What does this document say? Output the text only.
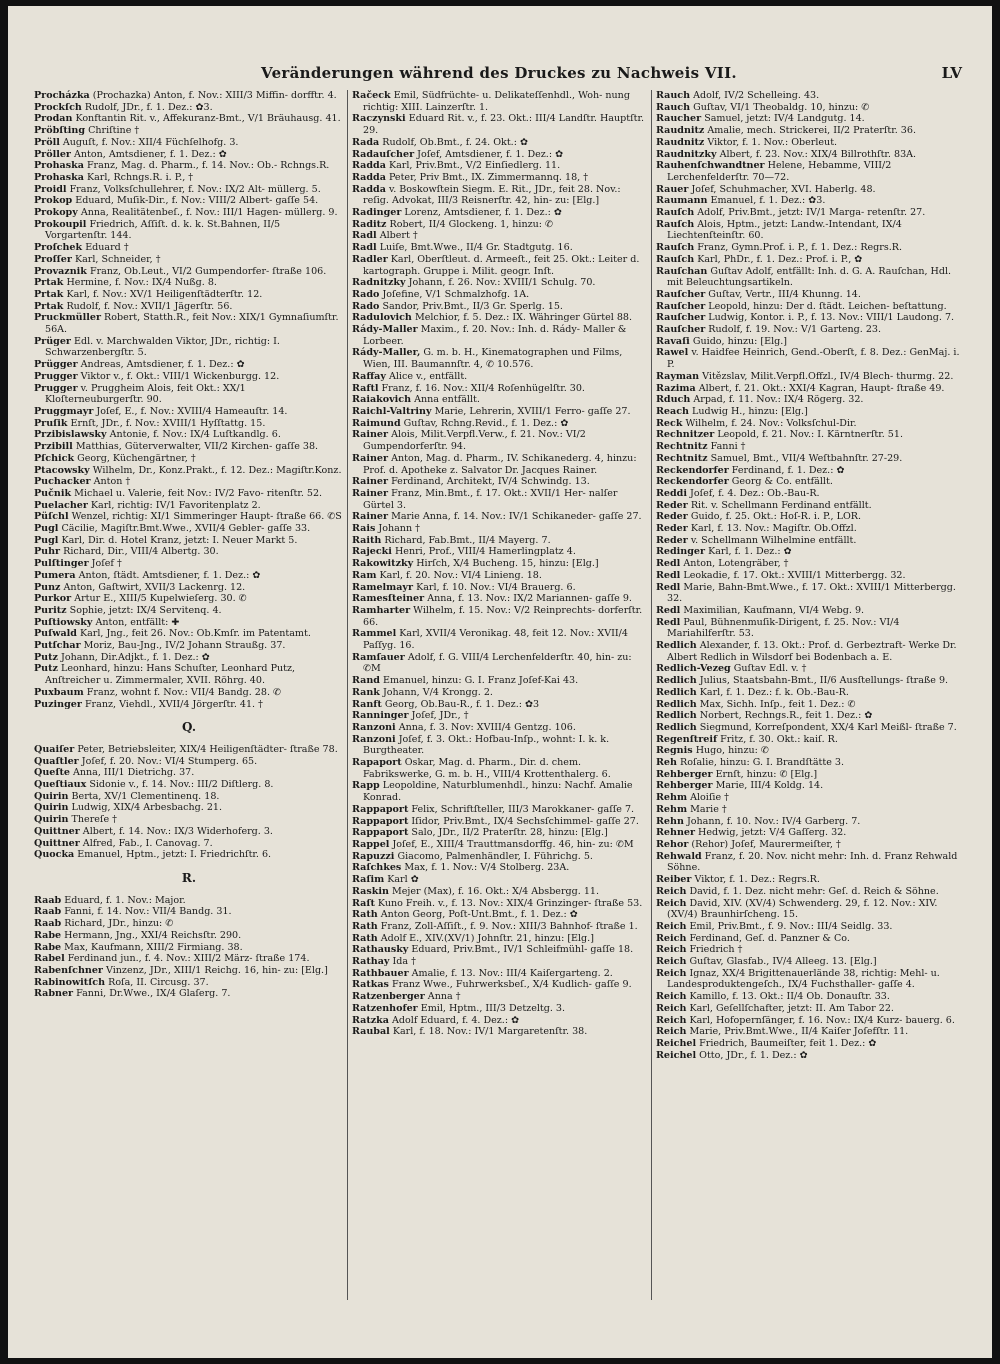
Veränderungen während des Druckes zu Nachweis VII.	LV

Procházka (Prochazka) Anton, f. Nov.: XIII/3 Miffin- dorfftr. 4.

Prockſch Rudolf, JDr., f. 1. Dez.: ✿3.

Prodan Konftantin Rit. v., Affekuranz-Bmt., V/1 Bräuhausg. 41.

Pröbſting Chriſtine †

Pröll Auguſt, f. Nov.: XII/4 Füchſelhofg. 3.

Pröller Anton, Amtsdiener, f. 1. Dez.: ✿

Prohaska Franz, Mag. d. Pharm., f. 14. Nov.: Ob.- Rchngs.R.

Prohaska Karl, Rchngs.R. i. P., †

Proidl Franz, Volksſchullehrer, f. Nov.: IX/2 Alt- müllerg. 5.

Prokop Eduard, Muſik-Dir., f. Nov.: VIII/2 Albert- gaſſe 54.

Prokopy Anna, Realitätenbeſ., f. Nov.: III/1 Hagen- müllerg. 9.

Prokoupil Friedrich, Aſſiſt. d. k. k. St.Bahnen, II/5 Vorgartenſtr. 144.

Proſchek Eduard †

Proſſer Karl, Schneider, †

Provaznik Franz, Ob.Leut., VI/2 Gumpendorfer- ſtraße 106.

Prtak Hermine, f. Nov.: IX/4 Nußg. 8.

Prtak Karl, f. Nov.: XV/1 Heiligenſtädterſtr. 12.

Prtak Rudolf, f. Nov.: XVII/1 Jägerſtr. 56.

Pruckmüller Robert, Statth.R., feit Nov.: XIX/1 Gymnaſiumſtr. 56A.

Prüger Edl. v. Marchwalden Viktor, JDr., richtig: I. Schwarzenbergſtr. 5.

Prügger Andreas, Amtsdiener, f. 1. Dez.: ✿

Prugger Viktor v., f. Okt.: VIII/1 Wickenburgg. 12.

Prugger v. Pruggheim Alois, feit Okt.: XX/1 Kloſterneuburgerſtr. 90.

Pruggmayr Joſef, E., f. Nov.: XVIII/4 Hameauſtr. 14.

Pruſik Ernſt, JDr., f. Nov.: XVIII/1 Hyſſtattg. 15.

Przibislawsky Antonie, f. Nov.: IX/4 Luſtkandlg. 6.

Przibill Matthias, Güterverwalter, VII/2 Kirchen- gaſſe 38.

Pſchick Georg, Küchengärtner, †

Ptacowsky Wilhelm, Dr., Konz.Prakt., f. 12. Dez.: Magiſtr.Konz.

Puchacker Anton †

Pučnik Michael u. Valerie, feit Nov.: IV/2 Favo- ritenſtr. 52.

Puelacher Karl, richtig: IV/1 Favoritenplatz 2.

Püſchl Wenzel, richtig: XI/1 Simmeringer Haupt- ſtraße 66. ✆S

Pugl Cäcilie, Magiſtr.Bmt.Wwe., XVII/4 Gebler- gaſſe 33.

Pugl Karl, Dir. d. Hotel Kranz, jetzt: I. Neuer Markt 5.

Puhr Richard, Dir., VIII/4 Albertg. 30.

Pulſtinger Joſef †

Pumera Anton, ſtädt. Amtsdiener, f. 1. Dez.: ✿

Punz Anton, Gaſtwirt, XVII/3 Lackenrg. 12.

Purkor Artur E., XIII/5 Kupelwieſerg. 30. ✆

Puritz Sophie, jetzt: IX/4 Servitenq. 4.

Puſtiowsky Anton, entfällt: ✚

Puſwald Karl, Jng., feit 26. Nov.: Ob.Kmſr. im Patentamt.

Putſchar Moriz, Bau-Jng., IV/2 Johann Straußg. 37.

Putz Johann, Dir.Adjkt., f. 1. Dez.: ✿

Putz Leonhard, hinzu: Hans Schuſter, Leonhard Putz, Anſtreicher u. Zimmermaler, XVII. Röhrg. 40.

Puxbaum Franz, wohnt f. Nov.: VII/4 Bandg. 28. ✆

Puzinger Franz, Viehdl., XVII/4 Jörgerſtr. 41. †

Q.

Quaiſer Peter, Betriebsleiter, XIX/4 Heiligenſtädter- ſtraße 78.

Quaſtler Joſef, f. 20. Nov.: VI/4 Stumperg. 65.

Queſte Anna, III/1 Dietrichg. 37.

Queſtiaux Sidonie v., f. 14. Nov.: III/2 Diſtlerg. 8.

Quirin Berta, XV/1 Clementinenq. 18.

Quirin Ludwig, XIX/4 Arbesbachg. 21.

Quirin Thereſe †

Quittner Albert, f. 14. Nov.: IX/3 Widerhoferg. 3.

Quittner Alfred, Fab., I. Canovag. 7.

Quocka Emanuel, Hptm., jetzt: I. Friedrichſtr. 6.

R.

Raab Eduard, f. 1. Nov.: Major.

Raab Fanni, f. 14. Nov.: VII/4 Bandg. 31.

Raab Richard, JDr., hinzu: ✆

Rabe Hermann, Jng., XXI/4 Reichsſtr. 290.

Rabe Max, Kaufmann, XIII/2 Firmiang. 38.

Rabel Ferdinand jun., f. 4. Nov.: XIII/2 März- ſtraße 174.

Rabenſchner Vinzenz, JDr., XIII/1 Reichg. 16, hin- zu: [Elg.]

Rabinowitſch Roſa, II. Circusg. 37.

Rabner Fanni, Dr.Wwe., IX/4 Glaſerg. 7.

Račeck Emil, Südfrüchte- u. Delikateſſenhdl., Woh- nung richtig: XIII. Lainzerſtr. 1.

Raczynski Eduard Rit. v., f. 23. Okt.: III/4 Landſtr. Hauptſtr. 29.

Rada Rudolf, Ob.Bmt., f. 24. Okt.: ✿

Radauſcher Joſef, Amtsdiener, f. 1. Dez.: ✿

Radda Karl, Priv.Bmt., V/2 Einſiedlerg. 11.

Radda Peter, Priv Bmt., IX. Zimmermannq. 18, †

Radda v. Boskowſtein Siegm. E. Rit., JDr., feit 28. Nov.: reſig. Advokat, III/3 Reisnerſtr. 42, hin- zu: [Elg.]

Radinger Lorenz, Amtsdiener, f. 1. Dez.: ✿

Raditz Robert, II/4 Glockeng. 1, hinzu: ✆

Radl Albert †

Radl Luiſe, Bmt.Wwe., II/4 Gr. Stadtgutg. 16.

Radler Karl, Oberſtleut. d. Armeeſt., feit 25. Okt.: Leiter d. kartograph. Gruppe i. Milit. geogr. Inſt.

Radnitzky Johann, f. 26. Nov.: XVIII/1 Schulg. 70.

Rado Joſefine, V/1 Schmalzhofg. 1A.

Rado Sandor, Priv.Bmt., II/3 Gr. Sperlg. 15.

Radulovich Melchior, f. 5. Dez.: IX. Währinger Gürtel 88.

Rády-Maller Maxim., f. 20. Nov.: Inh. d. Rády- Maller & Lorbeer.

Rády-Maller, G. m. b. H., Kinematographen und Films, Wien, III. Baumannſtr. 4, ✆ 10.576.

Raffay Alice v., entfällt.

Raftl Franz, f. 16. Nov.: XII/4 Roſenhügelſtr. 30.

Raiakovich Anna entfällt.

Raichl-Valtriny Marie, Lehrerin, XVIII/1 Ferro- gaſſe 27.

Raimund Guſtav, Rchng.Revid., f. 1. Dez.: ✿

Rainer Alois, Milit.Verpfl.Verw., f. 21. Nov.: VI/2 Gumpendorferſtr. 94.

Rainer Anton, Mag. d. Pharm., IV. Schikanederg. 4, hinzu: Prof. d. Apotheke z. Salvator Dr. Jacques Rainer.

Rainer Ferdinand, Architekt, IV/4 Schwindg. 13.

Rainer Franz, Min.Bmt., f. 17. Okt.: XVII/1 Her- nalſer Gürtel 3.

Rainer Marie Anna, f. 14. Nov.: IV/1 Schikaneder- gaſſe 27.

Rais Johann †

Raith Richard, Fab.Bmt., II/4 Mayerg. 7.

Rajecki Henri, Prof., VIII/4 Hamerlingplatz 4.

Rakowitzky Hirſch, X/4 Bucheng. 15, hinzu: [Elg.]

Ram Karl, f. 20. Nov.: VI/4 Linieng. 18.

Ramelmayr Karl, f. 10. Nov.: VI/4 Brauerg. 6.

Ramesſteiner Anna, f. 13. Nov.: IX/2 Mariannen- gaſſe 9.

Ramharter Wilhelm, f. 15. Nov.: V/2 Reinprechts- dorferſtr. 66.

Rammel Karl, XVII/4 Veronikag. 48, feit 12. Nov.: XVII/4 Paſſyg. 16.

Ramſauer Adolf, f. G. VIII/4 Lerchenfelderſtr. 40, hin- zu: ✆M

Rand Emanuel, hinzu: G. I. Franz Joſef-Kai 43.

Rank Johann, V/4 Krongg. 2.

Ranft Georg, Ob.Bau-R., f. 1. Dez.: ✿3

Ranninger Joſef, JDr., †

Ranzoni Anna, f. 3. Nov: XVIII/4 Gentzg. 106.

Ranzoni Joſef, f. 3. Okt.: Hofbau-Inſp., wohnt: I. k. k. Burgtheater.

Rapaport Oskar, Mag. d. Pharm., Dir. d. chem. Fabrikswerke, G. m. b. H., VIII/4 Krottenthalerg. 6.

Rapp Leopoldine, Naturblumenhdl., hinzu: Nachf. Amalie Konrad.

Rappaport Felix, Schriftſteller, III/3 Marokkaner- gaſſe 7.

Rappaport Iſidor, Priv.Bmt., IX/4 Sechsſchimmel- gaſſe 27.

Rappaport Salo, JDr., II/2 Praterſtr. 28, hinzu: [Elg.]

Rappel Joſef, E., XIII/4 Trauttmansdorffg. 46, hin- zu: ✆M

Rapuzzi Giacomo, Palmenhändler, I. Führichg. 5.

Raſchkes Max, f. 1. Nov.: V/4 Stolberg. 23A.

Raſim Karl ✿

Raskin Mejer (Max), f. 16. Okt.: X/4 Absbergg. 11.

Raſt Kuno Freih. v., f. 13. Nov.: XIX/4 Grinzinger- ſtraße 53.

Rath Anton Georg, Poſt-Unt.Bmt., f. 1. Dez.: ✿

Rath Franz, Zoll-Aſſiſt., f. 9. Nov.: XIII/3 Bahnhof- ſtraße 1.

Rath Adolf E., XIV.(XV/1) Johnſtr. 21, hinzu: [Elg.]

Rathausky Eduard, Priv.Bmt., IV/1 Schleifmühl- gaſſe 18.

Rathay Ida †

Rathbauer Amalie, f. 13. Nov.: III/4 Kaiſergarteng. 2.

Ratkas Franz Wwe., Fuhrwerksbeſ., X/4 Kudlich- gaſſe 9.

Ratzenberger Anna †

Ratzenhofer Emil, Hptm., III/3 Detzeltg. 3.

Ratzka Adolf Eduard, f. 4. Dez.: ✿

Raubal Karl, f. 18. Nov.: IV/1 Margaretenſtr. 38.

Rauch Adolf, IV/2 Schelleing. 43.

Rauch Guſtav, VI/1 Theobaldg. 10, hinzu: ✆

Raucher Samuel, jetzt: IV/4 Landgutg. 14.

Raudnitz Amalie, mech. Strickerei, II/2 Praterſtr. 36.

Raudnitz Viktor, f. 1. Nov.: Oberleut.

Raudnitzky Albert, f. 23. Nov.: XIX/4 Billrothſtr. 83A.

Rauhenſchwandtner Helene, Hebamme, VIII/2 Lerchenfelderſtr. 70—72.

Rauer Joſef, Schuhmacher, XVI. Haberlg. 48.

Raumann Emanuel, f. 1. Dez.: ✿3.

Rauſch Adolf, Priv.Bmt., jetzt: IV/1 Marga- retenſtr. 27.

Rauſch Alois, Hptm., jetzt: Landw.-Intendant, IX/4 Liechtenſteinſtr. 60.

Rauſch Franz, Gymn.Prof. i. P., f. 1. Dez.: Regrs.R.

Rauſch Karl, PhDr., f. 1. Dez.: Prof. i. P., ✿

Rauſchan Guſtav Adolf, entfällt: Inh. d. G. A. Rauſchan, Hdl. mit Beleuchtungsartikeln.

Rauſcher Guſtav, Vertr., III/4 Khunng. 14.

Rauſcher Leopold, hinzu: Der d. ſtädt. Leichen- beſtattung.

Rauſcher Ludwig, Kontor. i. P., f. 13. Nov.: VIII/1 Laudong. 7.

Rauſcher Rudolf, f. 19. Nov.: V/1 Garteng. 23.

Ravaſi Guido, hinzu: [Elg.]

Rawel v. Haidfee Heinrich, Gend.-Oberſt, f. 8. Dez.: GenMaj. i. P.

Rayman Vitězslav, Milit.Verpfl.Offzl., IV/4 Blech- thurmg. 22.

Razima Albert, f. 21. Okt.: XXI/4 Kagran, Haupt- ſtraße 49.

Rduch Arpad, f. 11. Nov.: IX/4 Rögerg. 32.

Reach Ludwig H., hinzu: [Elg.]

Reck Wilhelm, f. 24. Nov.: Volksſchul-Dir.

Rechnitzer Leopold, f. 21. Nov.: I. Kärntnerſtr. 51.

Rechtnitz Fanni †

Rechtnitz Samuel, Bmt., VII/4 Weſtbahnſtr. 27-29.

Reckendorfer Ferdinand, f. 1. Dez.: ✿

Reckendorfer Georg & Co. entfällt.

Reddi Joſef, f. 4. Dez.: Ob.-Bau-R.

Reder Rit. v. Schellmann Ferdinand entfällt.

Reder Guido, f. 25. Okt.: Hoſ-R. i. P., LOR.

Reder Karl, f. 13. Nov.: Magiſtr. Ob.Offzl.

Reder v. Schellmann Wilhelmine entfällt.

Redinger Karl, f. 1. Dez.: ✿

Redl Anton, Lotengräber, †

Redl Leokadie, f. 17. Okt.: XVIII/1 Mitterbergg. 32.

Redl Marie, Bahn-Bmt.Wwe., f. 17. Okt.: XVIII/1 Mitterbergg. 32.

Redl Maximilian, Kaufmann, VI/4 Webg. 9.

Redl Paul, Bühnenmuſik-Dirigent, f. 25. Nov.: VI/4 Mariahilferſtr. 53.

Redlich Alexander, f. 13. Okt.: Prof. d. Gerbeztraft- Werke Dr. Albert Redlich in Wilsdorf bei Bodenbach a. E.

Redlich-Vezeg Guſtav Edl. v. †

Redlich Julius, Staatsbahn-Bmt., II/6 Ausſtellungs- ſtraße 9.

Redlich Karl, f. 1. Dez.: f. k. Ob.-Bau-R.

Redlich Max, Sichh. Inſp., feit 1. Dez.: ✆

Redlich Norbert, Rechngs.R., feit 1. Dez.: ✿

Redlich Siegmund, Korreſpondent, XX/4 Karl Meißl- ſtraße 7.

Regenſtreif Fritz, f. 30. Okt.: kaiſ. R.

Regnis Hugo, hinzu: ✆

Reh Roſalie, hinzu: G. I. Brandſtätte 3.

Rehberger Ernſt, hinzu: ✆ [Elg.]

Rehberger Marie, III/4 Koldg. 14.

Rehm Aloiſie †

Rehm Marie †

Rehn Johann, f. 10. Nov.: IV/4 Garberg. 7.

Rehner Hedwig, jetzt: V/4 Gaſſerg. 32.

Rehor (Rehor) Joſef, Maurermeiſter, †

Rehwald Franz, f. 20. Nov. nicht mehr: Inh. d. Franz Rehwald Söhne.

Reiber Viktor, f. 1. Dez.: Regrs.R.

Reich David, f. 1. Dez. nicht mehr: Geſ. d. Reich & Söhne.

Reich David, XIV. (XV/4) Schwenderg. 29, f. 12. Nov.: XIV. (XV/4) Braunhirſcheng. 15.

Reich Emil, Priv.Bmt., f. 9. Nov.: III/4 Seidlg. 33.

Reich Ferdinand, Geſ. d. Panzner & Co.

Reich Friedrich †

Reich Guſtav, Glasfab., IV/4 Alleeg. 13. [Elg.]

Reich Ignaz, XX/4 Brigittenauerlände 38, richtig: Mehl- u. Landesproduktengeſch., IX/4 Fuchsthaller- gaſſe 4.

Reich Kamillo, f. 13. Okt.: II/4 Ob. Donauſtr. 33.

Reich Karl, Geſellſchafter, jetzt: II. Am Tabor 22.

Reich Karl, Hofopernſänger, f. 16. Nov.: IX/4 Kurz- bauerg. 6.

Reich Marie, Priv.Bmt.Wwe., II/4 Kaiſer Joſefſtr. 11.

Reichel Friedrich, Baumeiſter, feit 1. Dez.: ✿

Reichel Otto, JDr., f. 1. Dez.: ✿
